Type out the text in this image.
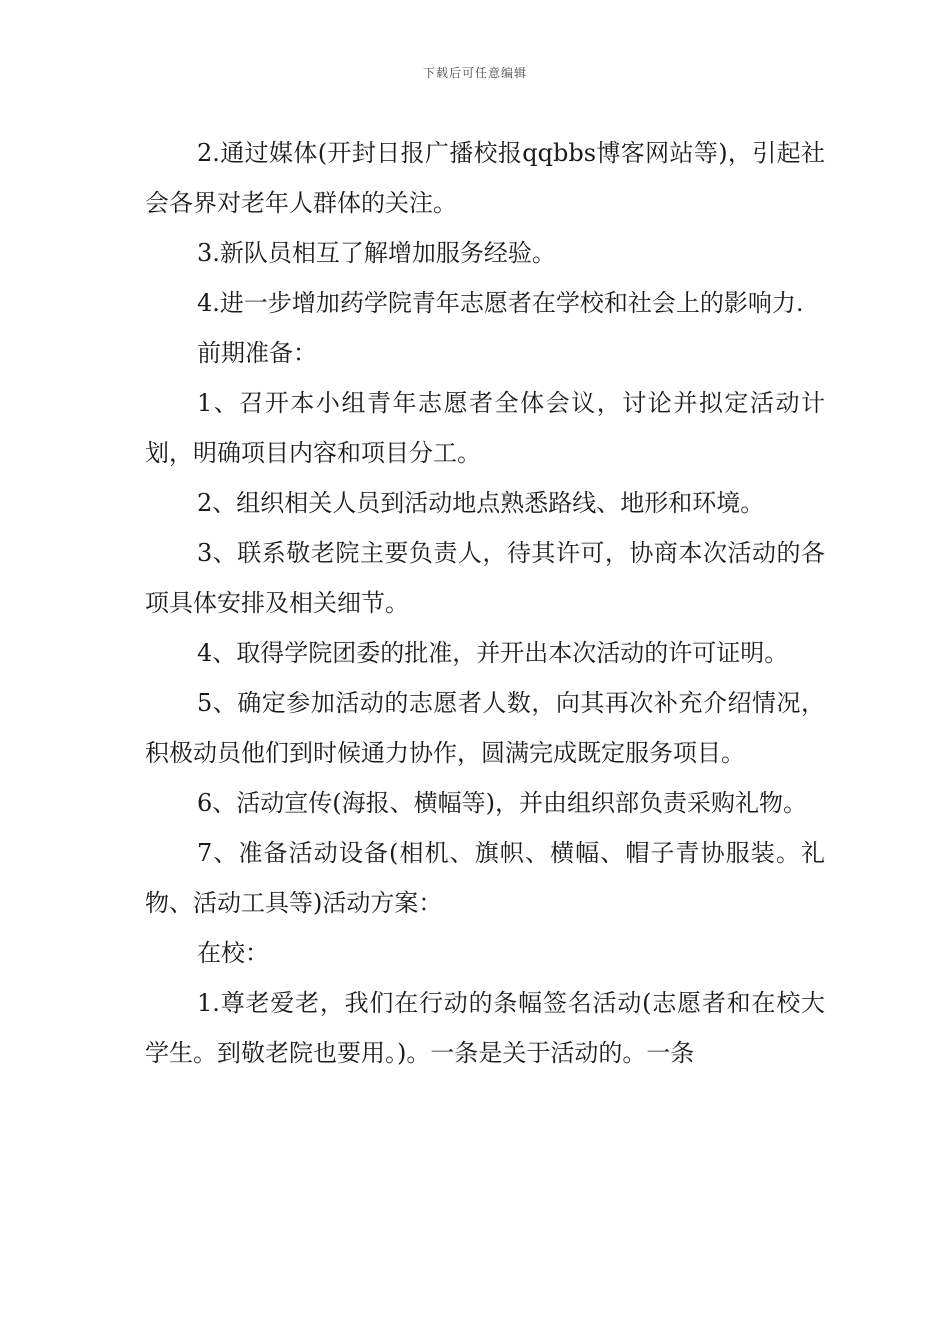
下载后可任意编辑

2.通过媒体(开封日报广播校报qqbbs博客网站等)，引起社会各界对老年人群体的关注。

3.新队员相互了解增加服务经验。

4.进一步增加药学院青年志愿者在学校和社会上的影响力.

前期准备：

1、召开本小组青年志愿者全体会议，讨论并拟定活动计划，明确项目内容和项目分工。

2、组织相关人员到活动地点熟悉路线、地形和环境。

3、联系敬老院主要负责人，待其许可，协商本次活动的各项具体安排及相关细节。

4、取得学院团委的批准，并开出本次活动的许可证明。

5、确定参加活动的志愿者人数，向其再次补充介绍情况，积极动员他们到时候通力协作，圆满完成既定服务项目。

6、活动宣传(海报、横幅等)，并由组织部负责采购礼物。

7、准备活动设备(相机、旗帜、横幅、帽子青协服装。礼物、活动工具等)活动方案：

在校：

1.尊老爱老，我们在行动的条幅签名活动(志愿者和在校大学生。到敬老院也要用。)。一条是关于活动的。一条
